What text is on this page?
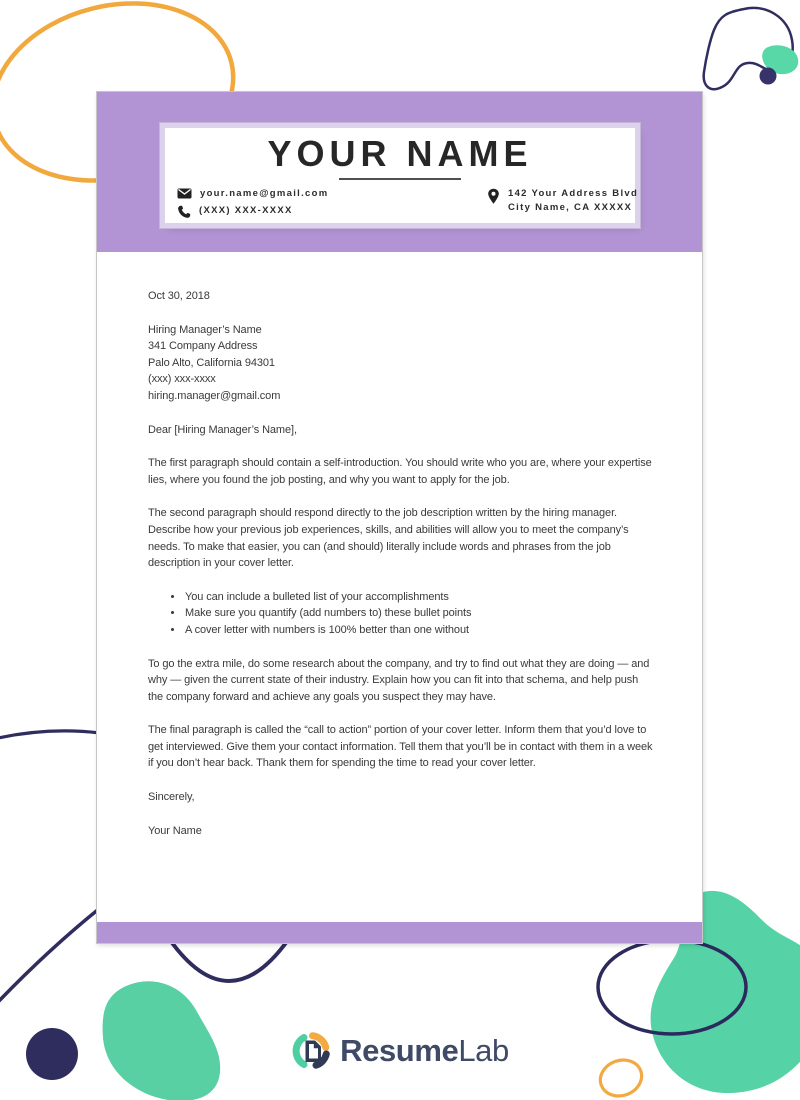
YOUR NAME
your.name@gmail.com
(XXX) XXX-XXXX
142 Your Address Blvd
City Name, CA XXXXX

Oct 30, 2018

Hiring Manager’s Name
341 Company Address
Palo Alto, California 94301
(xxx) xxx-xxxx
hiring.manager@gmail.com

Dear [Hiring Manager’s Name],

The first paragraph should contain a self-introduction. You should write who you are, where your expertise lies, where you found the job posting, and why you want to apply for the job.

The second paragraph should respond directly to the job description written by the hiring manager. Describe how your previous job experiences, skills, and abilities will allow you to meet the company’s needs. To make that easier, you can (and should) literally include words and phrases from the job description in your cover letter.

• You can include a bulleted list of your accomplishments
• Make sure you quantify (add numbers to) these bullet points
• A cover letter with numbers is 100% better than one without

To go the extra mile, do some research about the company, and try to find out what they are doing — and why — given the current state of their industry. Explain how you can fit into that schema, and help push the company forward and achieve any goals you suspect they may have.

The final paragraph is called the “call to action” portion of your cover letter. Inform them that you’d love to get interviewed. Give them your contact information. Tell them that you’ll be in contact with them in a week if you don’t hear back. Thank them for spending the time to read your cover letter.

Sincerely,

Your Name

ResumeLab
